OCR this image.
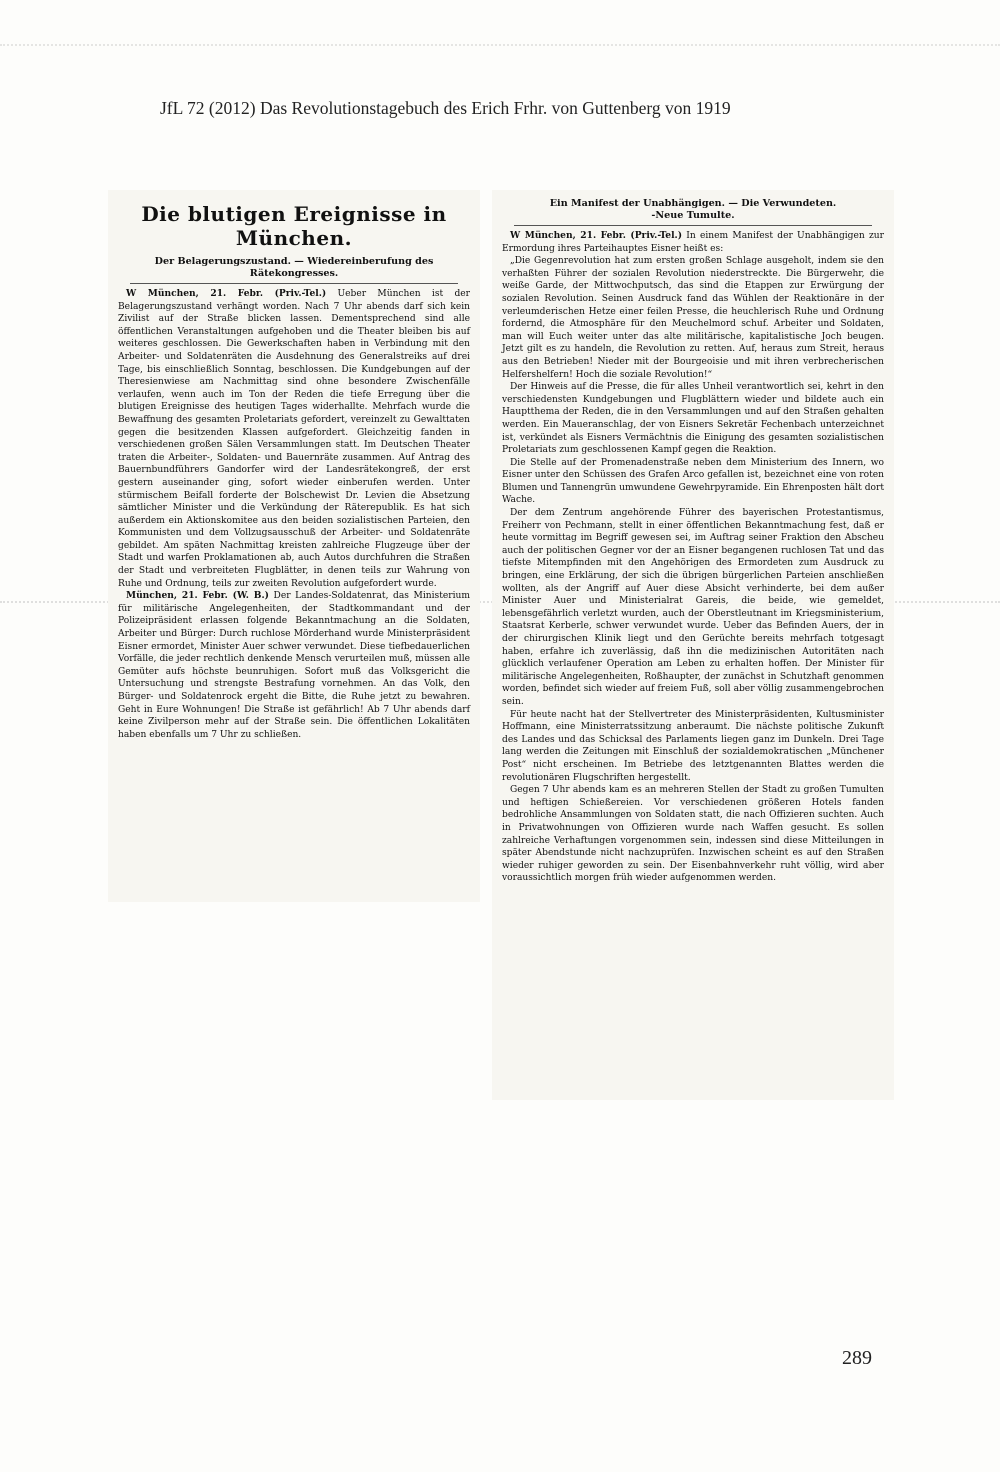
JfL 72 (2012) Das Revolutionstagebuch des Erich Frhr. von Guttenberg von 1919
Die blutigen Ereignisse in München.
Der Belagerungszustand. — Wiedereinberufung des
Rätekongresses.

W München, 21. Febr. (Priv.-Tel.) Ueber München ist der Belagerungszustand verhängt worden. Nach 7 Uhr abends darf sich kein Zivilist auf der Straße blicken lassen. Dementsprechend sind alle öffentlichen Veranstaltungen aufgehoben und die Theater bleiben bis auf weiteres geschlossen. Die Gewerkschaften haben in Verbindung mit den Arbeiter- und Soldatenräten die Ausdehnung des Generalstreiks auf drei Tage, bis einschließlich Sonntag, beschlossen. Die Kundgebungen auf der Theresienwiese am Nachmittag sind ohne besondere Zwischenfälle verlaufen, wenn auch im Ton der Reden die tiefe Erregung über die blutigen Ereignisse des heutigen Tages widerhallte. Mehrfach wurde die Bewaffnung des gesamten Proletariats gefordert, vereinzelt zu Gewalttaten gegen die besitzenden Klassen aufgefordert. Gleichzeitig fanden in verschiedenen großen Sälen Versammlungen statt. Im Deutschen Theater traten die Arbeiter-, Soldaten- und Bauernräte zusammen. Auf Antrag des Bauernbundführers Gandorfer wird der Landesrätekongreß, der erst gestern auseinander ging, sofort wieder einberufen werden. Unter stürmischem Beifall forderte der Bolschewist Dr. Levien die Absetzung sämtlicher Minister und die Verkündung der Räterepublik. Es hat sich außerdem ein Aktionskomitee aus den beiden sozialistischen Parteien, den Kommunisten und dem Vollzugsausschuß der Arbeiter- und Soldatenräte gebildet. Am späten Nachmittag kreisten zahlreiche Flugzeuge über der Stadt und warfen Proklamationen ab, auch Autos durchfuhren die Straßen der Stadt und verbreiteten Flugblätter, in denen teils zur Wahrung von Ruhe und Ordnung, teils zur zweiten Revolution aufgefordert wurde.

München, 21. Febr. (W. B.) Der Landes-Soldatenrat, das Ministerium für militärische Angelegenheiten, der Stadtkommandant und der Polizeipräsident erlassen folgende Bekanntmachung an die Soldaten, Arbeiter und Bürger: Durch ruchlose Mörderhand wurde Ministerpräsident Eisner ermordet, Minister Auer schwer verwundet. Diese tiefbedauerlichen Vorfälle, die jeder rechtlich denkende Mensch verurteilen muß, müssen alle Gemüter aufs höchste beunruhigen. Sofort muß das Volksgericht die Untersuchung und strengste Bestrafung vornehmen. An das Volk, den Bürger- und Soldatenrock ergeht die Bitte, die Ruhe jetzt zu bewahren. Geht in Eure Wohnungen! Die Straße ist gefährlich! Ab 7 Uhr abends darf keine Zivilperson mehr auf der Straße sein. Die öffentlichen Lokalitäten haben ebenfalls um 7 Uhr zu schließen.

Ein Manifest der Unabhängigen. — Die Verwundeten.
-Neue Tumulte.

W München, 21. Febr. (Priv.-Tel.) In einem Manifest der Unabhängigen zur Ermordung ihres Parteihauptes Eisner heißt es:

„Die Gegenrevolution hat zum ersten großen Schlage ausgeholt, indem sie den verhaßten Führer der sozialen Revolution niederstreckte. Die Bürgerwehr, die weiße Garde, der Mittwochputsch, das sind die Etappen zur Erwürgung der sozialen Revolution. Seinen Ausdruck fand das Wühlen der Reaktionäre in der verleumderischen Hetze einer feilen Presse, die heuchlerisch Ruhe und Ordnung fordernd, die Atmosphäre für den Meuchelmord schuf. Arbeiter und Soldaten, man will Euch weiter unter das alte militärische, kapitalistische Joch beugen. Jetzt gilt es zu handeln, die Revolution zu retten. Auf, heraus zum Streit, heraus aus den Betrieben! Nieder mit der Bourgeoisie und mit ihren verbrecherischen Helfershelfern! Hoch die soziale Revolution!“

Der Hinweis auf die Presse, die für alles Unheil verantwortlich sei, kehrt in den verschiedensten Kundgebungen und Flugblättern wieder und bildete auch ein Hauptthema der Reden, die in den Versammlungen und auf den Straßen gehalten werden. Ein Maueranschlag, der von Eisners Sekretär Fechenbach unterzeichnet ist, verkündet als Eisners Vermächtnis die Einigung des gesamten sozialistischen Proletariats zum geschlossenen Kampf gegen die Reaktion.

Die Stelle auf der Promenadenstraße neben dem Ministerium des Innern, wo Eisner unter den Schüssen des Grafen Arco gefallen ist, bezeichnet eine von roten Blumen und Tannengrün umwundene Gewehrpyramide. Ein Ehrenposten hält dort Wache.

Der dem Zentrum angehörende Führer des bayerischen Protestantismus, Freiherr von Pechmann, stellt in einer öffentlichen Bekanntmachung fest, daß er heute vormittag im Begriff gewesen sei, im Auftrag seiner Fraktion den Abscheu auch der politischen Gegner vor der an Eisner begangenen ruchlosen Tat und das tiefste Mitempfinden mit den Angehörigen des Ermordeten zum Ausdruck zu bringen, eine Erklärung, der sich die übrigen bürgerlichen Parteien anschließen wollten, als der Angriff auf Auer diese Absicht verhinderte, bei dem außer Minister Auer und Ministerialrat Gareis, die beide, wie gemeldet, lebensgefährlich verletzt wurden, auch der Oberstleutnant im Kriegsministerium, Staatsrat Kerberle, schwer verwundet wurde. Ueber das Befinden Auers, der in der chirurgischen Klinik liegt und den Gerüchte bereits mehrfach totgesagt haben, erfahre ich zuverlässig, daß ihn die medizinischen Autoritäten nach glücklich verlaufener Operation am Leben zu erhalten hoffen. Der Minister für militärische Angelegenheiten, Roßhaupter, der zunächst in Schutzhaft genommen worden, befindet sich wieder auf freiem Fuß, soll aber völlig zusammengebrochen sein.

Für heute nacht hat der Stellvertreter des Ministerpräsidenten, Kultusminister Hoffmann, eine Ministerratssitzung anberaumt. Die nächste politische Zukunft des Landes und das Schicksal des Parlaments liegen ganz im Dunkeln. Drei Tage lang werden die Zeitungen mit Einschluß der sozialdemokratischen „Münchener Post“ nicht erscheinen. Im Betriebe des letztgenannten Blattes werden die revolutionären Flugschriften hergestellt.

Gegen 7 Uhr abends kam es an mehreren Stellen der Stadt zu großen Tumulten und heftigen Schießereien. Vor verschiedenen größeren Hotels fanden bedrohliche Ansammlungen von Soldaten statt, die nach Offizieren suchten. Auch in Privatwohnungen von Offizieren wurde nach Waffen gesucht. Es sollen zahlreiche Verhaftungen vorgenommen sein, indessen sind diese Mitteilungen in später Abendstunde nicht nachzuprüfen. Inzwischen scheint es auf den Straßen wieder ruhiger geworden zu sein. Der Eisenbahnverkehr ruht völlig, wird aber voraussichtlich morgen früh wieder aufgenommen werden.

289
